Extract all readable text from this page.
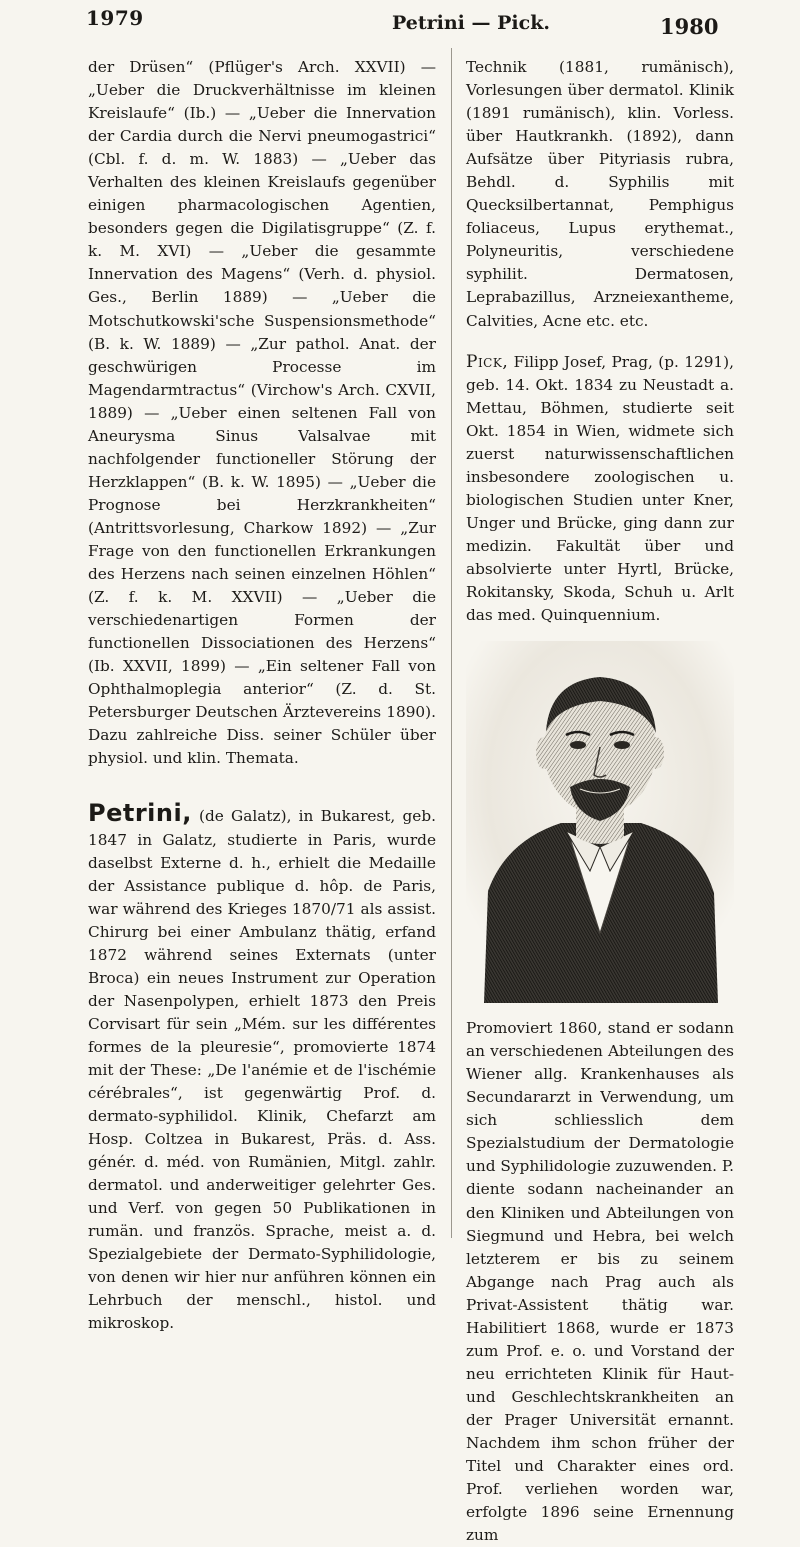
1979	Petrini — Pick.	1980

der Drüsen“ (Pflüger's Arch. XXVII) — „Ueber die Druckverhältnisse im kleinen Kreislaufe“ (Ib.) — „Ueber die Innervation der Cardia durch die Nervi pneumogastrici“ (Cbl. f. d. m. W. 1883) — „Ueber das Verhalten des kleinen Kreislaufs gegenüber einigen pharmacologischen Agentien, besonders gegen die Digilatisgruppe“ (Z. f. k. M. XVI) — „Ueber die gesammte Innervation des Magens“ (Verh. d. physiol. Ges., Berlin 1889) — „Ueber die Motschutkowski'sche Suspensionsmethode“ (B. k. W. 1889) — „Zur pathol. Anat. der geschwürigen Processe im Magendarmtractus“ (Virchow's Arch. CXVII, 1889) — „Ueber einen seltenen Fall von Aneurysma Sinus Valsalvae mit nachfolgender functioneller Störung der Herzklappen“ (B. k. W. 1895) — „Ueber die Prognose bei Herzkrankheiten“ (Antrittsvorlesung, Charkow 1892) — „Zur Frage von den functionellen Erkrankungen des Herzens nach seinen einzelnen Höhlen“ (Z. f. k. M. XXVII) — „Ueber die verschiedenartigen Formen der functionellen Dissociationen des Herzens“ (Ib. XXVII, 1899) — „Ein seltener Fall von Ophthalmoplegia anterior“ (Z. d. St. Petersburger Deutschen Ärztevereins 1890). Dazu zahlreiche Diss. seiner Schüler über physiol. und klin. Themata.

Petrini, (de Galatz), in Bukarest, geb. 1847 in Galatz, studierte in Paris, wurde daselbst Externe d. h., erhielt die Medaille der Assistance publique d. hôp. de Paris, war während des Krieges 1870/71 als assist. Chirurg bei einer Ambulanz thätig, erfand 1872 während seines Externats (unter Broca) ein neues Instrument zur Operation der Nasenpolypen, erhielt 1873 den Preis Corvisart für sein „Mém. sur les différentes formes de la pleuresie“, promovierte 1874 mit der These: „De l'anémie et de l'ischémie cérébrales“, ist gegenwärtig Prof. d. dermato-syphilidol. Klinik, Chefarzt am Hosp. Coltzea in Bukarest, Präs. d. Ass. génér. d. méd. von Rumänien, Mitgl. zahlr. dermatol. und anderweitiger gelehrter Ges. und Verf. von gegen 50 Publikationen in rumän. und französ. Sprache, meist a. d. Spezialgebiete der Dermato-Syphilidologie, von denen wir hier nur anführen können ein Lehrbuch der menschl., histol. und mikroskop.

Technik (1881, rumänisch), Vorlesungen über dermatol. Klinik (1891 rumänisch), klin. Vorless. über Hautkrankh. (1892), dann Aufsätze über Pityriasis rubra, Behdl. d. Syphilis mit Quecksilbertannat, Pemphigus foliaceus, Lupus erythemat., Polyneuritis, verschiedene syphilit. Dermatosen, Leprabazillus, Arzneiexantheme, Calvities, Acne etc. etc.

Pick, Filipp Josef, Prag, (p. 1291), geb. 14. Okt. 1834 zu Neustadt a. Mettau, Böhmen, studierte seit Okt. 1854 in Wien, widmete sich zuerst naturwissenschaftlichen insbesondere zoologischen u. biologischen Studien unter Kner, Unger und Brücke, ging dann zur medizin. Fakultät über und absolvierte unter Hyrtl, Brücke, Rokitansky, Skoda, Schuh u. Arlt das med. Quinquennium.

Promoviert 1860, stand er sodann an verschiedenen Abteilungen des Wiener allg. Krankenhauses als Secundararzt in Verwendung, um sich schliesslich dem Spezialstudium der Dermatologie und Syphilidologie zuzuwenden. P. diente sodann nacheinander an den Kliniken und Abteilungen von Siegmund und Hebra, bei welch letzterem er bis zu seinem Abgange nach Prag auch als Privat-Assistent thätig war. Habilitiert 1868, wurde er 1873 zum Prof. e. o. und Vorstand der neu errichteten Klinik für Haut- und Geschlechtskrankheiten an der Prager Universität ernannt. Nachdem ihm schon früher der Titel und Charakter eines ord. Prof. verliehen worden war, erfolgte 1896 seine Ernennung zum
